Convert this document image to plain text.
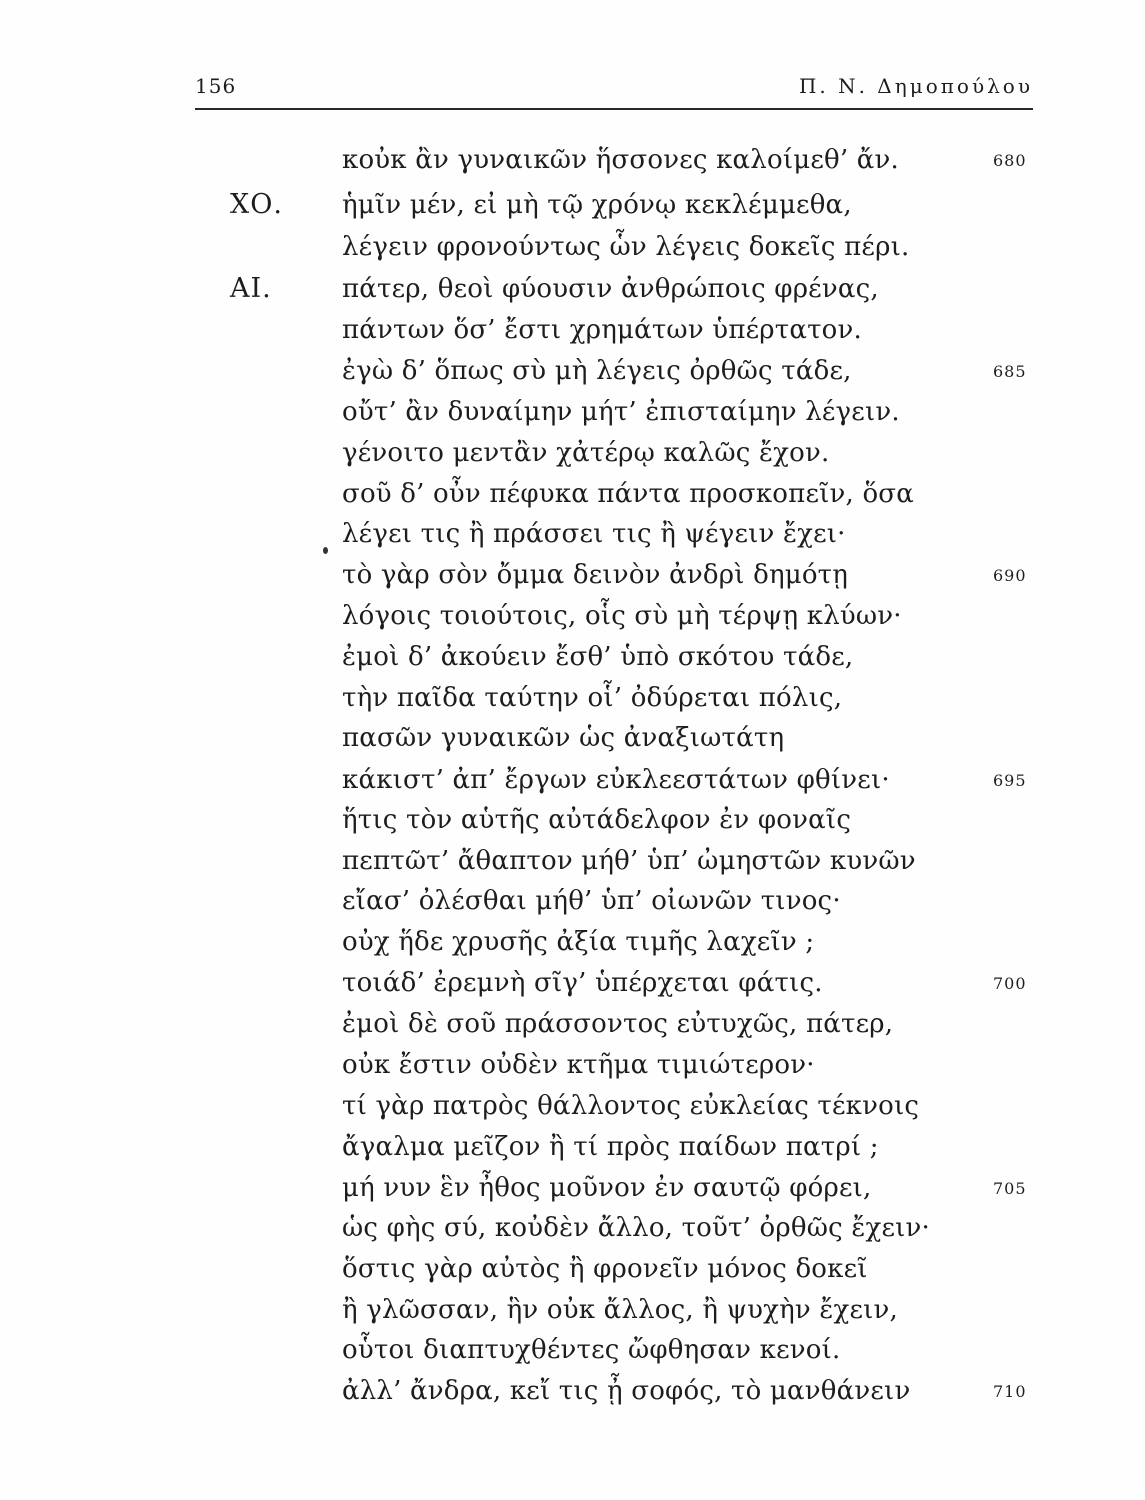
156	Π. Ν. Δημοπούλου
κοὐκ ἂν γυναικῶν ἥσσονες καλοίμεθ’ ἄν.	680
ΧΟ. ἡμῖν μέν, εἰ μὴ τῷ χρόνῳ κεκλέμμεθα,
λέγειν φρονούντως ὧν λέγεις δοκεῖς πέρι.
ΑΙ.	πάτερ, θεοὶ φύουσιν ἀνθρώποις φρένας,
πάντων ὅσ’ ἔστι χρημάτων ὑπέρτατον.
ἐγὼ δ’ ὅπως σὺ μὴ λέγεις ὀρθῶς τάδε,	685
οὔτ’ ἂν δυναίμην μήτ’ ἐπισταίμην λέγειν.
γένοιτο μεντἂν χἀτέρῳ καλῶς ἔχον.
σοῦ δ’ οὖν πέφυκα πάντα προσκοπεῖν, ὅσα
λέγει τις ἢ πράσσει τις ἢ ψέγειν ἔχει·
τὸ γὰρ σὸν ὄμμα δεινὸν ἀνδρὶ δημότῃ	690
λόγοις τοιούτοις, οἷς σὺ μὴ τέρψῃ κλύων·
ἐμοὶ δ’ ἀκούειν ἔσθ’ ὑπὸ σκότου τάδε,
τὴν παῖδα ταύτην οἷ’ ὀδύρεται πόλις,
πασῶν γυναικῶν ὡς ἀναξιωτάτη
κάκιστ’ ἀπ’ ἔργων εὐκλεεστάτων φθίνει·	695
ἥτις τὸν αὑτῆς αὐτάδελφον ἐν φοναῖς
πεπτῶτ’ ἄθαπτον μήθ’ ὑπ’ ὠμηστῶν κυνῶν
εἴασ’ ὀλέσθαι μήθ’ ὑπ’ οἰωνῶν τινος·
οὐχ ἥδε χρυσῆς ἀξία τιμῆς λαχεῖν ;
τοιάδ’ ἐρεμνὴ σῖγ’ ὑπέρχεται φάτις.	700
ἐμοὶ δὲ σοῦ πράσσοντος εὐτυχῶς, πάτερ,
οὐκ ἔστιν οὐδὲν κτῆμα τιμιώτερον·
τί γὰρ πατρὸς θάλλοντος εὐκλείας τέκνοις
ἄγαλμα μεῖζον ἢ τί πρὸς παίδων πατρί ;
μή νυν ἓν ἦθος μοῦνον ἐν σαυτῷ φόρει,	705
ὡς φὴς σύ, κοὐδὲν ἄλλο, τοῦτ’ ὀρθῶς ἔχειν·
ὅστις γὰρ αὐτὸς ἢ φρονεῖν μόνος δοκεῖ
ἢ γλῶσσαν, ἣν οὐκ ἄλλος, ἢ ψυχὴν ἔχειν,
οὗτοι διαπτυχθέντες ὤφθησαν κενοί.
ἀλλ’ ἄνδρα, κεἴ τις ᾖ σοφός, τὸ μανθάνειν	710
